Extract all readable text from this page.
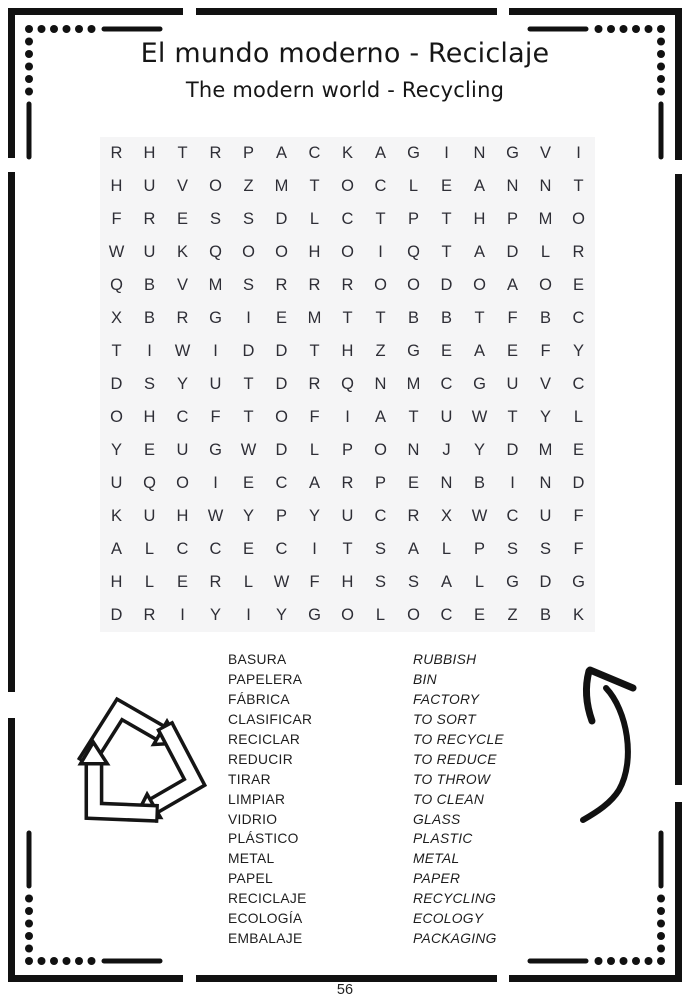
El mundo moderno - Reciclaje
The modern world - Recycling
R	H	T	R	P	A	C	K	A	G	I	N	G	V	I
H	U	V	O	Z	M	T	O	C	L	E	A	N	N	T
F	R	E	S	S	D	L	C	T	P	T	H	P	M	O
W	U	K	Q	O	O	H	O	I	Q	T	A	D	L	R
Q	B	V	M	S	R	R	R	O	O	D	O	A	O	E
X	B	R	G	I	E	M	T	T	B	B	T	F	B	C
T	I	W	I	D	D	T	H	Z	G	E	A	E	F	Y
D	S	Y	U	T	D	R	Q	N	M	C	G	U	V	C
O	H	C	F	T	O	F	I	A	T	U	W	T	Y	L
Y	E	U	G	W	D	L	P	O	N	J	Y	D	M	E
U	Q	O	I	E	C	A	R	P	E	N	B	I	N	D
K	U	H	W	Y	P	Y	U	C	R	X	W	C	U	F
A	L	C	C	E	C	I	T	S	A	L	P	S	S	F
H	L	E	R	L	W	F	H	S	S	A	L	G	D	G
D	R	I	Y	I	Y	G	O	L	O	C	E	Z	B	K
BASURA	RUBBISH
PAPELERA	BIN
FÁBRICA	FACTORY
CLASIFICAR	TO SORT
RECICLAR	TO RECYCLE
REDUCIR	TO REDUCE
TIRAR	TO THROW
LIMPIAR	TO CLEAN
VIDRIO	GLASS
PLÁSTICO	PLASTIC
METAL	METAL
PAPEL	PAPER
RECICLAJE	RECYCLING
ECOLOGÍA	ECOLOGY
EMBALAJE	PACKAGING
56
